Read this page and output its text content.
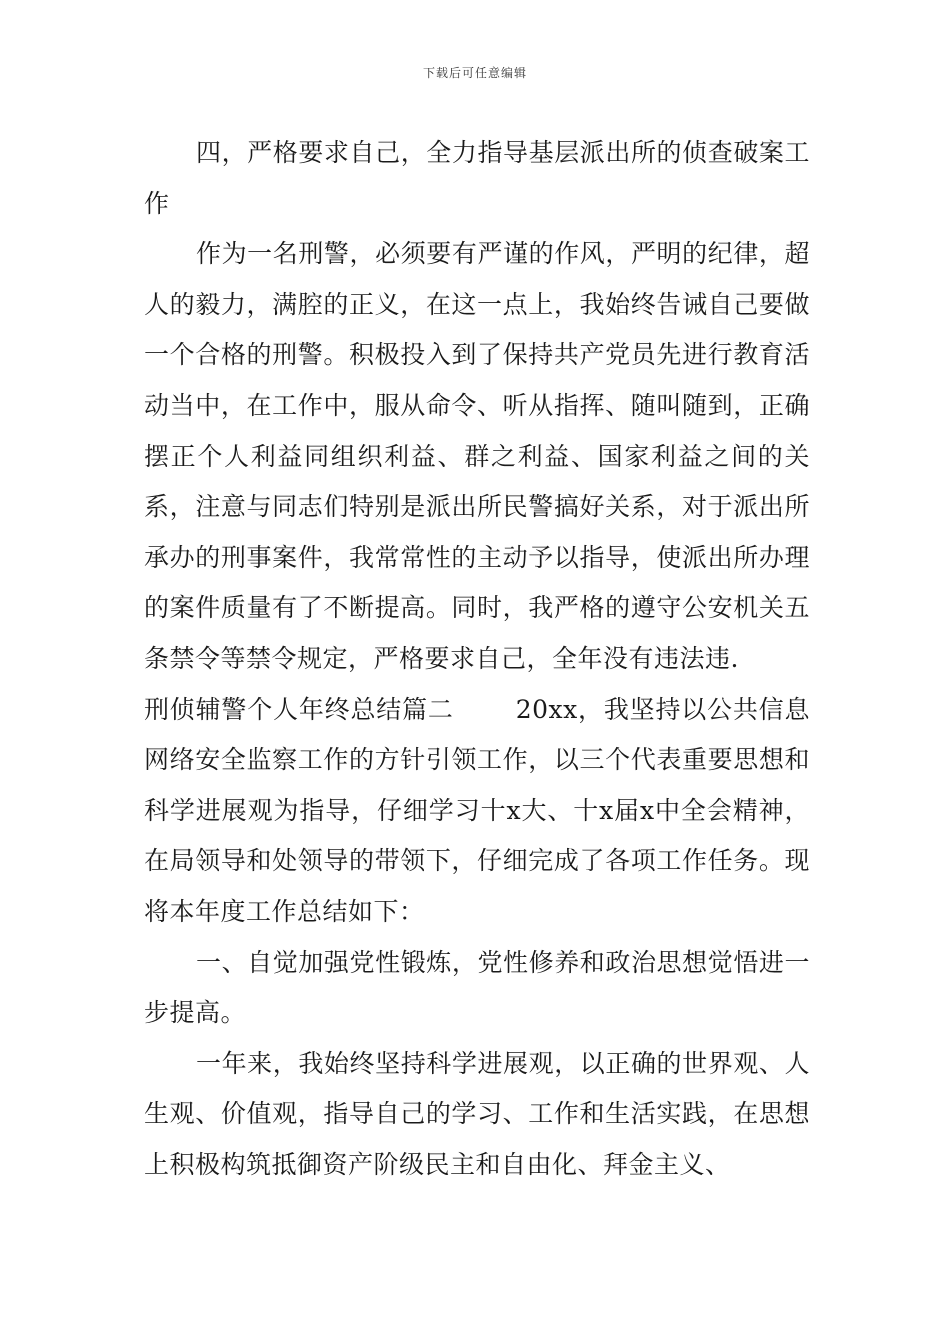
下载后可任意编辑

四，严格要求自己，全力指导基层派出所的侦查破案工作

作为一名刑警，必须要有严谨的作风，严明的纪律，超人的毅力，满腔的正义，在这一点上，我始终告诫自己要做一个合格的刑警。积极投入到了保持共产党员先进行教育活动当中，在工作中，服从命令、听从指挥、随叫随到，正确摆正个人利益同组织利益、群之利益、国家利益之间的关系，注意与同志们特别是派出所民警搞好关系，对于派出所承办的刑事案件，我常常性的主动予以指导，使派出所办理的案件质量有了不断提高。同时，我严格的遵守公安机关五条禁令等禁令规定，严格要求自己，全年没有违法违.

刑侦辅警个人年终总结篇二 20xx，我坚持以公共信息网络安全监察工作的方针引领工作，以三个代表重要思想和科学进展观为指导，仔细学习十x大、十x届x中全会精神，在局领导和处领导的带领下，仔细完成了各项工作任务。现将本年度工作总结如下：

一、自觉加强党性锻炼，党性修养和政治思想觉悟进一步提高。

一年来，我始终坚持科学进展观，以正确的世界观、人生观、价值观，指导自己的学习、工作和生活实践，在思想上积极构筑抵御资产阶级民主和自由化、拜金主义、
